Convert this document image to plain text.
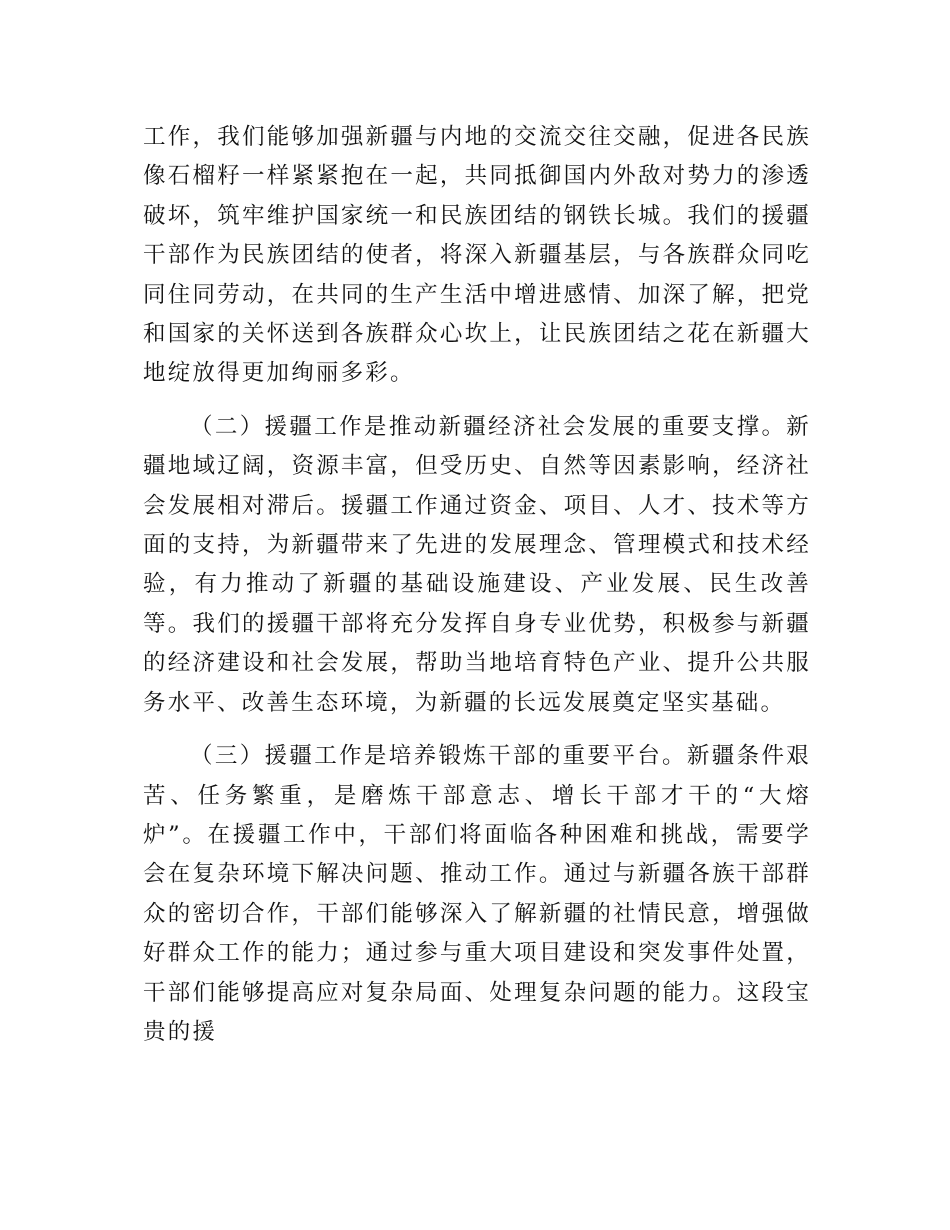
工作，我们能够加强新疆与内地的交流交往交融，促进各民族像石榴籽一样紧紧抱在一起，共同抵御国内外敌对势力的渗透破坏，筑牢维护国家统一和民族团结的钢铁长城。我们的援疆干部作为民族团结的使者，将深入新疆基层，与各族群众同吃同住同劳动，在共同的生产生活中增进感情、加深了解，把党和国家的关怀送到各族群众心坎上，让民族团结之花在新疆大地绽放得更加绚丽多彩。

（二）援疆工作是推动新疆经济社会发展的重要支撑。新疆地域辽阔，资源丰富，但受历史、自然等因素影响，经济社会发展相对滞后。援疆工作通过资金、项目、人才、技术等方面的支持，为新疆带来了先进的发展理念、管理模式和技术经验，有力推动了新疆的基础设施建设、产业发展、民生改善等。我们的援疆干部将充分发挥自身专业优势，积极参与新疆的经济建设和社会发展，帮助当地培育特色产业、提升公共服务水平、改善生态环境，为新疆的长远发展奠定坚实基础。

（三）援疆工作是培养锻炼干部的重要平台。新疆条件艰苦、任务繁重，是磨炼干部意志、增长干部才干的“大熔炉”。在援疆工作中，干部们将面临各种困难和挑战，需要学会在复杂环境下解决问题、推动工作。通过与新疆各族干部群众的密切合作，干部们能够深入了解新疆的社情民意，增强做好群众工作的能力；通过参与重大项目建设和突发事件处置，干部们能够提高应对复杂局面、处理复杂问题的能力。这段宝贵的援
